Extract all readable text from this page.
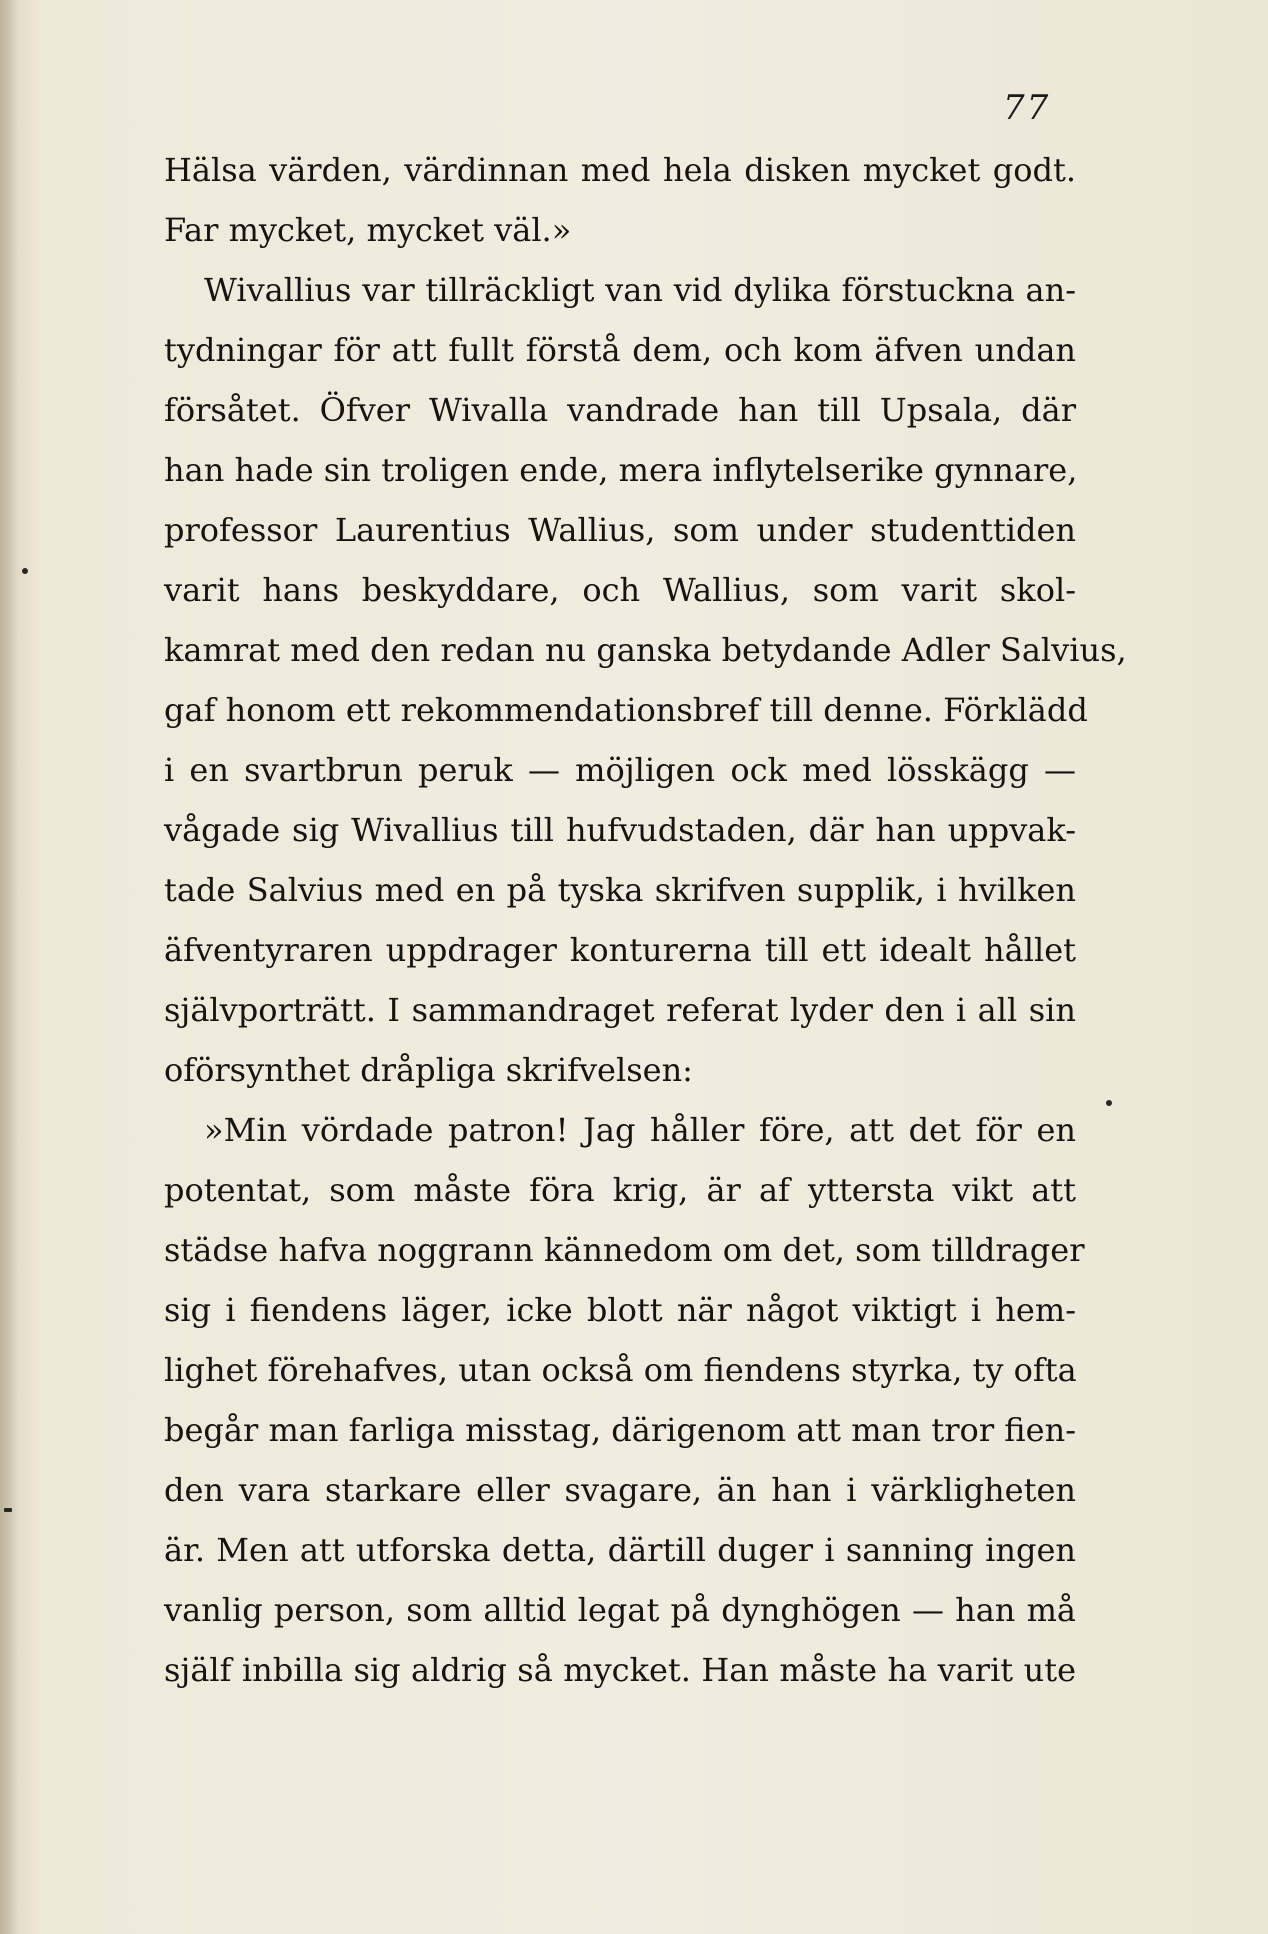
77
Hälsa värden, värdinnan med hela disken mycket godt.
Far mycket, mycket väl.»
Wivallius var tillräckligt van vid dylika förstuckna an-
tydningar för att fullt förstå dem, och kom äfven undan
försåtet. Öfver Wivalla vandrade han till Upsala, där
han hade sin troligen ende, mera inflytelserike gynnare,
professor Laurentius Wallius, som under studenttiden
varit hans beskyddare, och Wallius, som varit skol-
kamrat med den redan nu ganska betydande Adler Salvius,
gaf honom ett rekommendationsbref till denne. Förklädd
i en svartbrun peruk — möjligen ock med lösskägg —
vågade sig Wivallius till hufvudstaden, där han uppvak-
tade Salvius med en på tyska skrifven supplik, i hvilken
äfventyraren uppdrager konturerna till ett idealt hållet
självporträtt. I sammandraget referat lyder den i all sin
oförsynthet dråpliga skrifvelsen:
»Min vördade patron! Jag håller före, att det för en
potentat, som måste föra krig, är af yttersta vikt att
städse hafva noggrann kännedom om det, som tilldrager
sig i fiendens läger, icke blott när något viktigt i hem-
lighet förehafves, utan också om fiendens styrka, ty ofta
begår man farliga misstag, därigenom att man tror fien-
den vara starkare eller svagare, än han i värkligheten
är. Men att utforska detta, därtill duger i sanning ingen
vanlig person, som alltid legat på dynghögen — han må
själf inbilla sig aldrig så mycket. Han måste ha varit ute
